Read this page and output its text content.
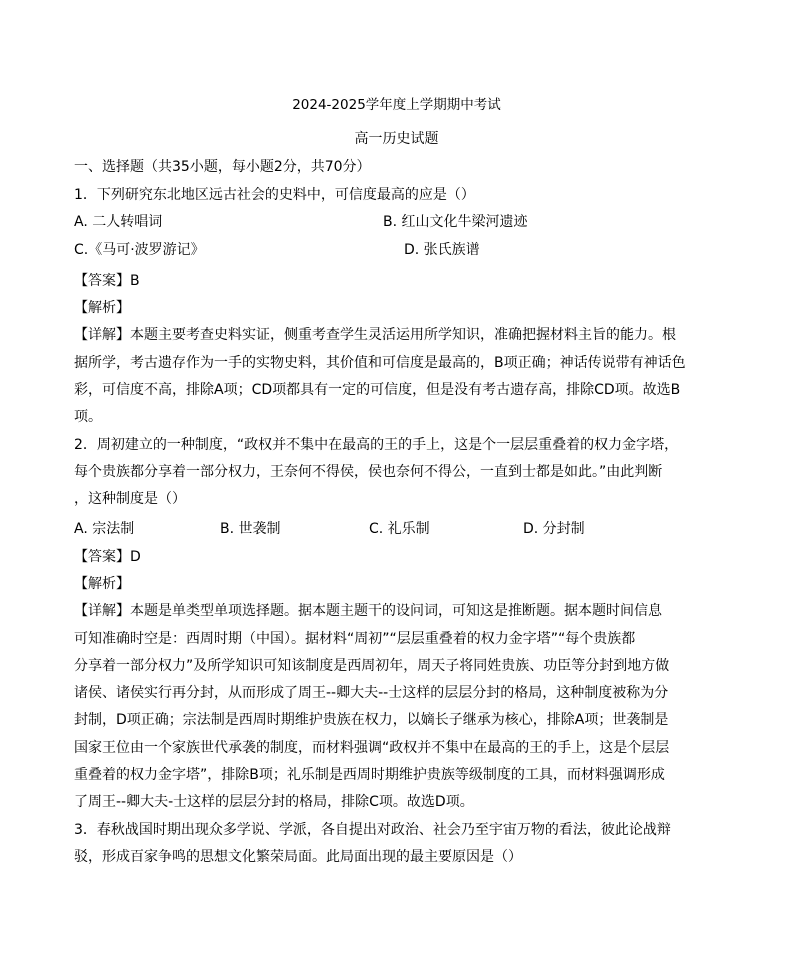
2024-2025学年度上学期期中考试
高一历史试题
一、选择题（共35小题，每小题2分，共70分）
1．下列研究东北地区远古社会的史料中，可信度最高的应是（）
A. 二人转唱词	B. 红山文化牛梁河遗迹
C.《马可·波罗游记》	D. 张氏族谱
【答案】B
【解析】
【详解】本题主要考查史料实证，侧重考查学生灵活运用所学知识，准确把握材料主旨的能力。根
据所学，考古遗存作为一手的实物史料，其价值和可信度是最高的，B项正确；神话传说带有神话色
彩，可信度不高，排除A项；CD项都具有一定的可信度，但是没有考古遗存高，排除CD项。故选B
项。
2．周初建立的一种制度，“政权并不集中在最高的王的手上，这是个一层层重叠着的权力金字塔，
每个贵族都分享着一部分权力，王奈何不得侯，侯也奈何不得公，一直到士都是如此。”由此判断
，这种制度是（）
A. 宗法制	B. 世袭制	C. 礼乐制	D. 分封制
【答案】D
【解析】
【详解】本题是单类型单项选择题。据本题主题干的设问词，可知这是推断题。据本题时间信息
可知准确时空是：西周时期（中国）。据材料“周初”“层层重叠着的权力金字塔”“每个贵族都
分享着一部分权力”及所学知识可知该制度是西周初年，周天子将同姓贵族、功臣等分封到地方做
诸侯、诸侯实行再分封，从而形成了周王--卿大夫--士这样的层层分封的格局，这种制度被称为分
封制，D项正确；宗法制是西周时期维护贵族在权力，以嫡长子继承为核心，排除A项；世袭制是
国家王位由一个家族世代承袭的制度，而材料强调“政权并不集中在最高的王的手上，这是个层层
重叠着的权力金字塔”，排除B项；礼乐制是西周时期维护贵族等级制度的工具，而材料强调形成
了周王--卿大夫-士这样的层层分封的格局，排除C项。故选D项。
3．春秋战国时期出现众多学说、学派，各自提出对政治、社会乃至宇宙万物的看法，彼此论战辩
驳，形成百家争鸣的思想文化繁荣局面。此局面出现的最主要原因是（）
